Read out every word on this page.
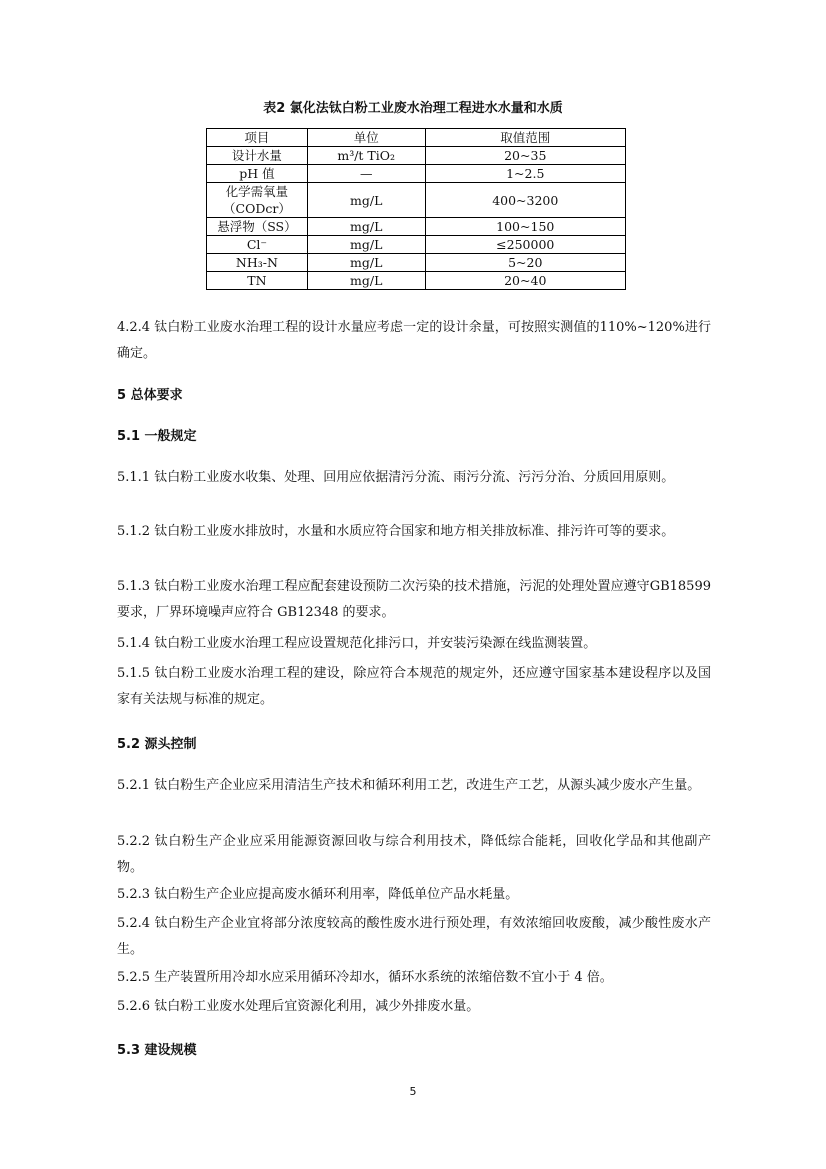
表2 氯化法钛白粉工业废水治理工程进水水量和水质
项目	单位	取值范围
设计水量	m³/t TiO₂	20~35
pH 值	—	1~2.5
化学需氧量（CODcr）	mg/L	400~3200
悬浮物（SS）	mg/L	100~150
Cl⁻	mg/L	≤250000
NH₃-N	mg/L	5~20
TN	mg/L	20~40

4.2.4 钛白粉工业废水治理工程的设计水量应考虑一定的设计余量，可按照实测值的110%~120%进行确定。

5 总体要求

5.1 一般规定

5.1.1 钛白粉工业废水收集、处理、回用应依据清污分流、雨污分流、污污分治、分质回用原则。

5.1.2 钛白粉工业废水排放时，水量和水质应符合国家和地方相关排放标准、排污许可等的要求。

5.1.3 钛白粉工业废水治理工程应配套建设预防二次污染的技术措施，污泥的处理处置应遵守GB18599 要求，厂界环境噪声应符合 GB12348 的要求。

5.1.4 钛白粉工业废水治理工程应设置规范化排污口，并安装污染源在线监测装置。

5.1.5 钛白粉工业废水治理工程的建设，除应符合本规范的规定外，还应遵守国家基本建设程序以及国家有关法规与标准的规定。

5.2 源头控制

5.2.1 钛白粉生产企业应采用清洁生产技术和循环利用工艺，改进生产工艺，从源头减少废水产生量。

5.2.2 钛白粉生产企业应采用能源资源回收与综合利用技术，降低综合能耗，回收化学品和其他副产物。

5.2.3 钛白粉生产企业应提高废水循环利用率，降低单位产品水耗量。

5.2.4 钛白粉生产企业宜将部分浓度较高的酸性废水进行预处理，有效浓缩回收废酸，减少酸性废水产生。

5.2.5 生产装置所用冷却水应采用循环冷却水，循环水系统的浓缩倍数不宜小于 4 倍。

5.2.6 钛白粉工业废水处理后宜资源化利用，减少外排废水量。

5.3 建设规模

5
